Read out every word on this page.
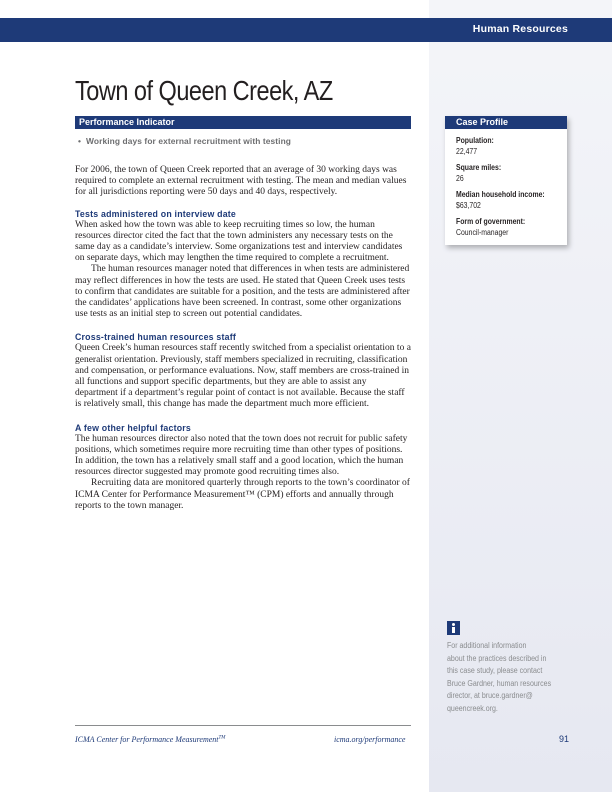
Human Resources
Town of Queen Creek, AZ
Performance Indicator
• Working days for external recruitment with testing

For 2006, the town of Queen Creek reported that an average of 30 working days was required to complete an external recruitment with testing. The mean and median values for all jurisdictions reporting were 50 days and 40 days, respectively.

Tests administered on interview date

When asked how the town was able to keep recruiting times so low, the human resources director cited the fact that the town administers any necessary tests on the same day as a candidate’s interview. Some organizations test and interview candidates on separate days, which may lengthen the time required to complete a recruitment.

The human resources manager noted that differences in when tests are administered may reflect differences in how the tests are used. He stated that Queen Creek uses tests to confirm that candidates are suitable for a position, and the tests are administered after the candidates’ applications have been screened. In contrast, some other organizations use tests as an initial step to screen out potential candidates.

Cross-trained human resources staff

Queen Creek’s human resources staff recently switched from a specialist orientation to a generalist orientation. Previously, staff members specialized in recruiting, classification and compensation, or performance evaluations. Now, staff members are cross-trained in all functions and support specific departments, but they are able to assist any department if a department’s regular point of contact is not available. Because the staff is relatively small, this change has made the department much more efficient.

A few other helpful factors

The human resources director also noted that the town does not recruit for public safety positions, which sometimes require more recruiting time than other types of positions. In addition, the town has a relatively small staff and a good location, which the human resources director suggested may promote good recruiting times also.

Recruiting data are monitored quarterly through reports to the town’s coordinator of ICMA Center for Performance Measurement™ (CPM) efforts and annually through reports to the town manager.

Case Profile
Population:
22,477
Square miles:
26
Median household income:
$63,702
Form of government:
Council-manager
For additional information
about the practices described in
this case study, please contact
Bruce Gardner, human resources
director, at bruce.gardner@
queencreek.org.
ICMA Center for Performance Measurement™	icma.org/performance	91
